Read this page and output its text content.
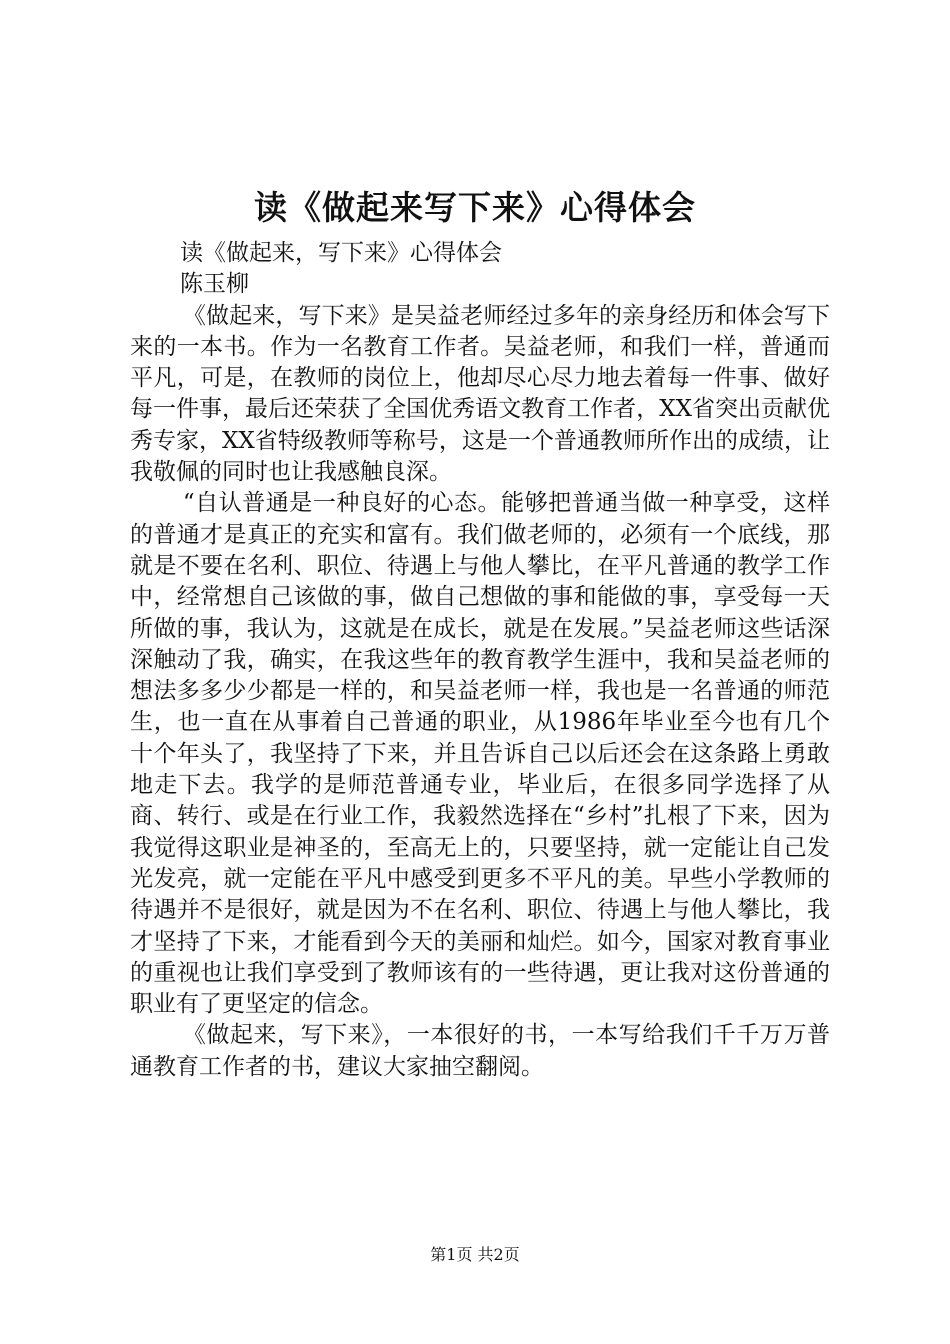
读《做起来写下来》心得体会

读《做起来，写下来》心得体会

陈玉柳

《做起来，写下来》是吴益老师经过多年的亲身经历和体会写下来的一本书。作为一名教育工作者。吴益老师，和我们一样，普通而平凡，可是，在教师的岗位上，他却尽心尽力地去着每一件事、做好每一件事，最后还荣获了全国优秀语文教育工作者，XX省突出贡献优秀专家，XX省特级教师等称号，这是一个普通教师所作出的成绩，让我敬佩的同时也让我感触良深。

“自认普通是一种良好的心态。能够把普通当做一种享受，这样的普通才是真正的充实和富有。我们做老师的，必须有一个底线，那就是不要在名利、职位、待遇上与他人攀比，在平凡普通的教学工作中，经常想自己该做的事，做自己想做的事和能做的事，享受每一天所做的事，我认为，这就是在成长，就是在发展。”吴益老师这些话深深触动了我，确实，在我这些年的教育教学生涯中，我和吴益老师的想法多多少少都是一样的，和吴益老师一样，我也是一名普通的师范生，也一直在从事着自己普通的职业，从1986年毕业至今也有几个十个年头了，我坚持了下来，并且告诉自己以后还会在这条路上勇敢地走下去。我学的是师范普通专业，毕业后，在很多同学选择了从商、转行、或是在行业工作，我毅然选择在“乡村”扎根了下来，因为我觉得这职业是神圣的，至高无上的，只要坚持，就一定能让自己发光发亮，就一定能在平凡中感受到更多不平凡的美。早些小学教师的待遇并不是很好，就是因为不在名利、职位、待遇上与他人攀比，我才坚持了下来，才能看到今天的美丽和灿烂。如今，国家对教育事业的重视也让我们享受到了教师该有的一些待遇，更让我对这份普通的职业有了更坚定的信念。

《做起来，写下来》，一本很好的书，一本写给我们千千万万普通教育工作者的书，建议大家抽空翻阅。

第1页 共2页
